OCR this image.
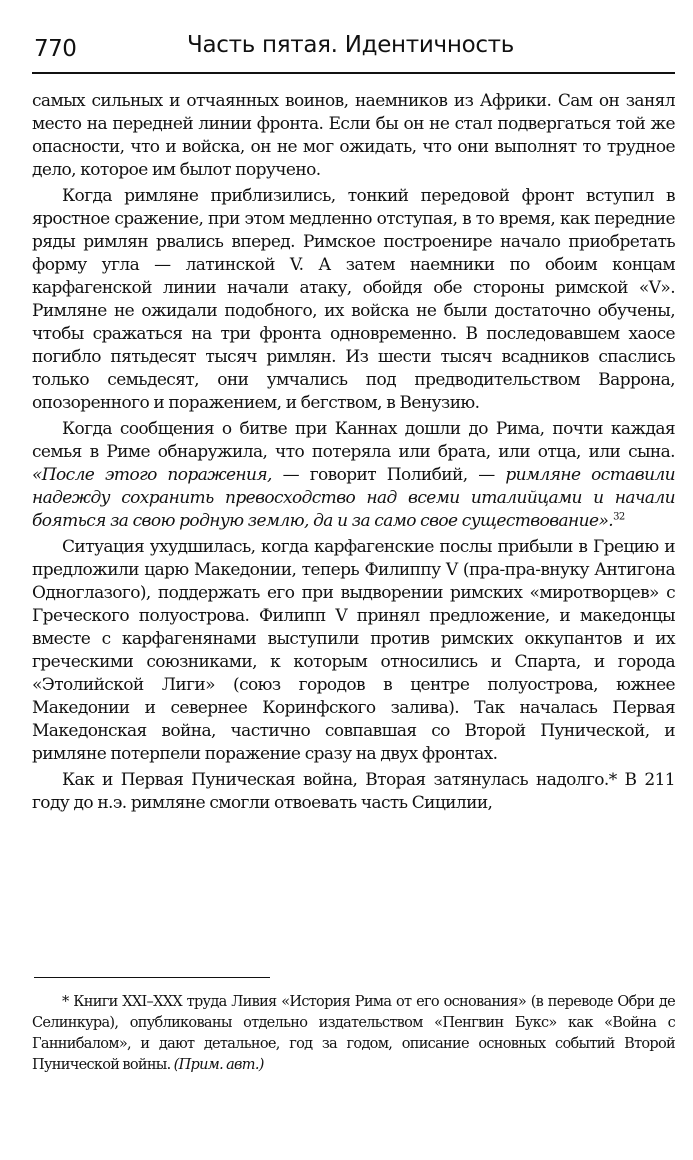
770	Часть пятая. Идентичность

самых сильных и отчаянных воинов, наемников из Африки. Сам он занял место на передней линии фронта. Если бы он не стал подвергаться той же опасности, что и войска, он не мог ожидать, что они выполнят то трудное дело, которое им былот поручено.

Когда римляне приблизились, тонкий передовой фронт вступил в яростное сражение, при этом медленно отступая, в то время, как передние ряды римлян рвались вперед. Римское построенире начало приобретать форму угла — латинской V. А затем наемники по обоим концам карфагенской линии начали атаку, обойдя обе стороны римской «V». Римляне не ожидали подобного, их войска не были достаточно обучены, чтобы сражаться на три фронта одновременно. В последовавшем хаосе погибло пятьдесят тысяч римлян. Из шести тысяч всадников спаслись только семьдесят, они умчались под предводительством Варрона, опозоренного и поражением, и бегством, в Венузию.

Когда сообщения о битве при Каннах дошли до Рима, почти каждая семья в Риме обнаружила, что потеряла или брата, или отца, или сына. «После этого поражения, — говорит Полибий, — римляне оставили надежду сохранить превосходство над всеми италийцами и начали бояться за свою родную землю, да и за само свое существование».$^{32}$

Ситуация ухудшилась, когда карфагенские послы прибыли в Грецию и предложили царю Македонии, теперь Филиппу V (пра-пра-внуку Антигона Одноглазого), поддержать его при выдворении римских «миротворцев» с Греческого полуострова. Филипп V принял предложение, и македонцы вместе с карфагенянами выступили против римских оккупантов и их греческими союзниками, к которым относились и Спарта, и города «Этолийской Лиги» (союз городов в центре полуострова, южнее Македонии и севернее Коринфского залива). Так началась Первая Македонская война, частично совпавшая со Второй Пунической, и римляне потерпели поражение сразу на двух фронтах.

Как и Первая Пуническая война, Вторая затянулась надолго.* В 211 году до н.э. римляне смогли отвоевать часть Сицилии,

* Книги XXI–XXX труда Ливия «История Рима от его основания» (в переводе Обри де Селинкура), опубликованы отдельно издательством «Пенгвин Букс» как «Война с Ганнибалом», и дают детальное, год за годом, описание основных событий Второй Пунической войны. (Прим. авт.)
